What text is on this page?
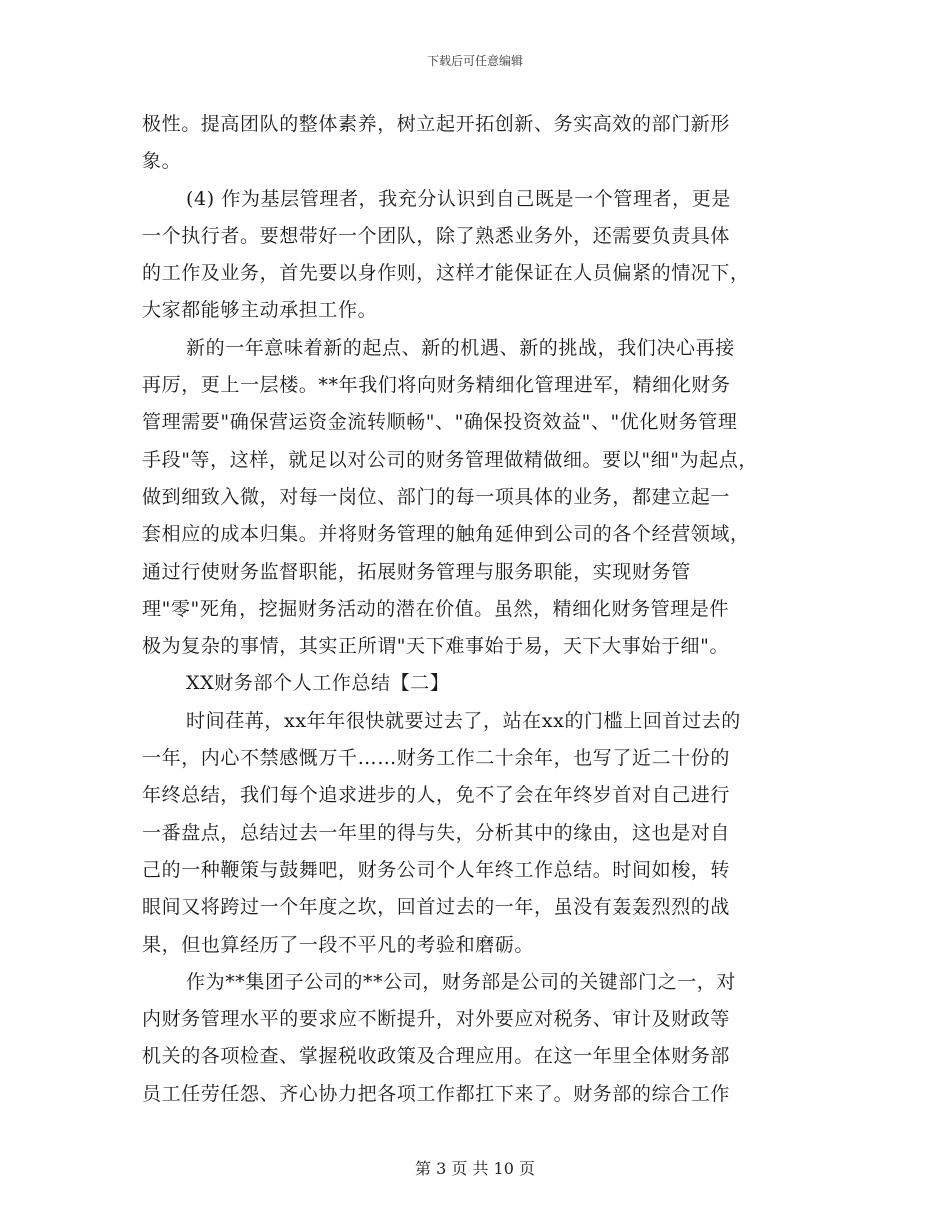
下载后可任意编辑
极性。提高团队的整体素养，树立起开拓创新、务实高效的部门新形
象。
(4) 作为基层管理者，我充分认识到自己既是一个管理者，更是
一个执行者。要想带好一个团队，除了熟悉业务外，还需要负责具体
的工作及业务，首先要以身作则，这样才能保证在人员偏紧的情况下，
大家都能够主动承担工作。
新的一年意味着新的起点、新的机遇、新的挑战，我们决心再接
再厉，更上一层楼。**年我们将向财务精细化管理进军，精细化财务
管理需要"确保营运资金流转顺畅"、"确保投资效益"、"优化财务管理
手段"等，这样，就足以对公司的财务管理做精做细。要以"细"为起点，
做到细致入微，对每一岗位、部门的每一项具体的业务，都建立起一
套相应的成本归集。并将财务管理的触角延伸到公司的各个经营领域，
通过行使财务监督职能，拓展财务管理与服务职能，实现财务管
理"零"死角，挖掘财务活动的潜在价值。虽然，精细化财务管理是件
极为复杂的事情，其实正所谓"天下难事始于易，天下大事始于细"。
XX财务部个人工作总结【二】
时间荏苒，xx年年很快就要过去了，站在xx的门槛上回首过去的
一年，内心不禁感慨万千……财务工作二十余年，也写了近二十份的
年终总结，我们每个追求进步的人，免不了会在年终岁首对自己进行
一番盘点，总结过去一年里的得与失，分析其中的缘由，这也是对自
己的一种鞭策与鼓舞吧，财务公司个人年终工作总结。时间如梭，转
眼间又将跨过一个年度之坎，回首过去的一年，虽没有轰轰烈烈的战
果，但也算经历了一段不平凡的考验和磨砺。
作为**集团子公司的**公司，财务部是公司的关键部门之一，对
内财务管理水平的要求应不断提升，对外要应对税务、审计及财政等
机关的各项检查、掌握税收政策及合理应用。在这一年里全体财务部
员工任劳任怨、齐心协力把各项工作都扛下来了。财务部的综合工作
第 3 页 共 10 页
